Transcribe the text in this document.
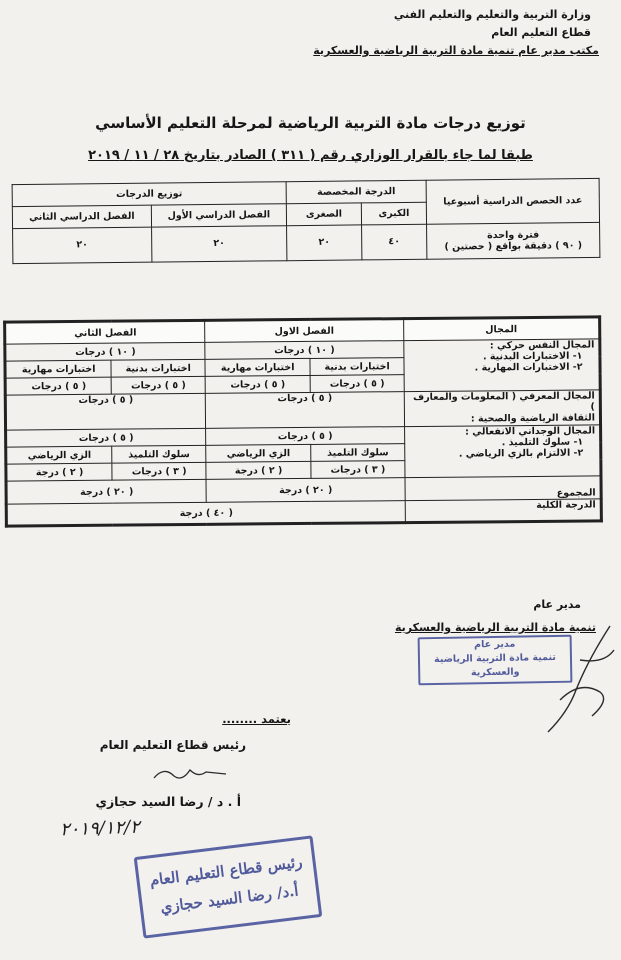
وزارة التربية والتعليم والتعليم الفني
قطاع التعليم العام
مكتب مدير عام تنمية مادة التربية الرياضية والعسكرية
توزيع درجات مادة التربية الرياضية لمرحلة التعليم الأساسي
طبقا لما جاء بالقرار الوزاري رقم ( ٣١١ ) الصادر بتاريخ ٢٨ / ١١ / ٢٠١٩
عدد الحصص الدراسية أسبوعيا	الدرجة المخصصة		توزيع الدرجات	
	الكبرى	الصغرى	الفصل الدراسي الأول	الفصل الدراسي الثاني

فترة واحدة
( ٩٠ ) دقيقة بواقع ( حصتين )	٤٠	٢٠	٢٠	٢٠
المجال	الفصل الاول		الفصل الثاني	

المجال النفس حركي :
١- الاختبارات البدنية .
٢- الاختبارات المهارية .	( ١٠ ) درجات		( ١٠ ) درجات	
	اختبارات بدنية	اختبارات مهارية	اختبارات بدنية	اختبارات مهارية
	( ٥ ) درجات	( ٥ ) درجات	( ٥ ) درجات	( ٥ ) درجات

المجال المعرفي ( المعلومات والمعارف )
الثقافة الرياضية والصحية :	( ٥ ) درجات		( ٥ ) درجات	

المجال الوجداني الانفعالي :
١- سلوك التلميذ .
٢- الالتزام بالزي الرياضي .	( ٥ ) درجات		( ٥ ) درجات	
	سلوك التلميذ	الزي الرياضي	سلوك التلميذ	الزي الرياضي
	( ٣ ) درجات	( ٢ ) درجة	( ٣ ) درجات	( ٢ ) درجة
المجموع	( ٢٠ ) درجة		( ٢٠ ) درجة	
الدرجة الكلية	( ٤٠ ) درجة			
مدير عام
تنمية مادة التربية الرياضية والعسكرية
مدير عام
تنمية مادة التربية الرياضية
والعسكرية
يعتمد ........
رئيس قطاع التعليم العام
أ . د / رضا السيد حجازي
٢٠١٩/١٢/٢
رئيس قطاع التعليم العام
أ.د/ رضا السيد حجازي
